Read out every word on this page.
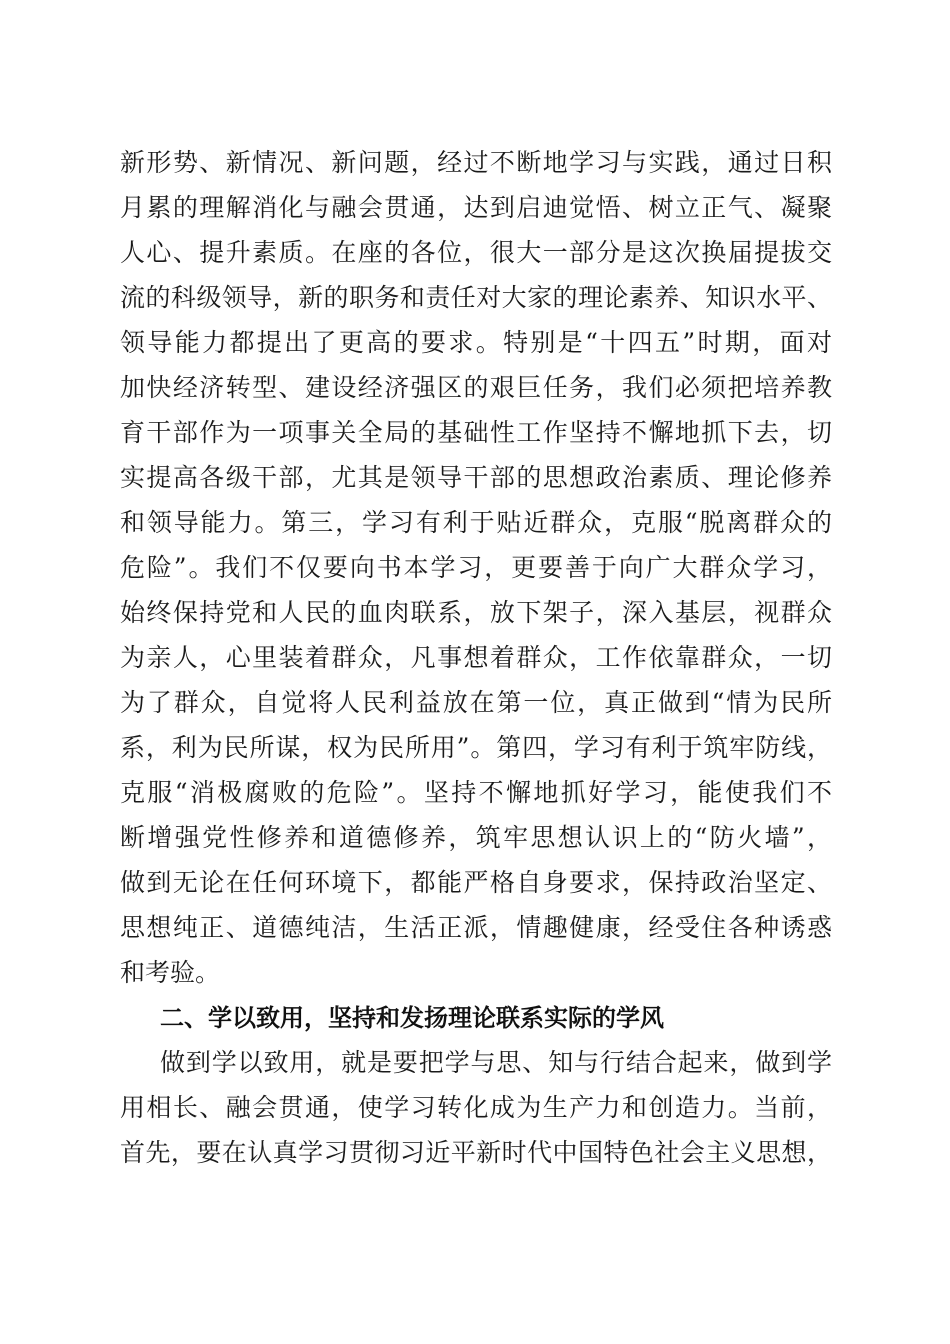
新形势、新情况、新问题，经过不断地学习与实践，通过日积
月累的理解消化与融会贯通，达到启迪觉悟、树立正气、凝聚
人心、提升素质。在座的各位，很大一部分是这次换届提拔交
流的科级领导，新的职务和责任对大家的理论素养、知识水平、
领导能力都提出了更高的要求。特别是“十四五”时期，面对
加快经济转型、建设经济强区的艰巨任务，我们必须把培养教
育干部作为一项事关全局的基础性工作坚持不懈地抓下去，切
实提高各级干部，尤其是领导干部的思想政治素质、理论修养
和领导能力。第三，学习有利于贴近群众，克服“脱离群众的
危险”。我们不仅要向书本学习，更要善于向广大群众学习，
始终保持党和人民的血肉联系，放下架子，深入基层，视群众
为亲人，心里装着群众，凡事想着群众，工作依靠群众，一切
为了群众，自觉将人民利益放在第一位，真正做到“情为民所
系，利为民所谋，权为民所用”。第四，学习有利于筑牢防线，
克服“消极腐败的危险”。坚持不懈地抓好学习，能使我们不
断增强党性修养和道德修养，筑牢思想认识上的“防火墙”，
做到无论在任何环境下，都能严格自身要求，保持政治坚定、
思想纯正、道德纯洁，生活正派，情趣健康，经受住各种诱惑
和考验。
二、学以致用，坚持和发扬理论联系实际的学风
做到学以致用，就是要把学与思、知与行结合起来，做到学
用相长、融会贯通，使学习转化成为生产力和创造力。当前，
首先，要在认真学习贯彻习近平新时代中国特色社会主义思想，
